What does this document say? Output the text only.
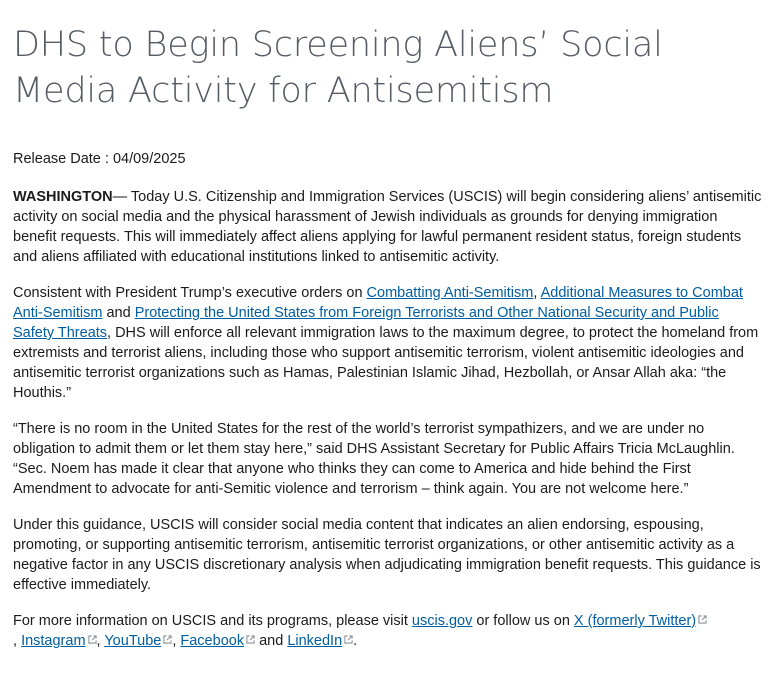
DHS to Begin Screening Aliens’ Social Media Activity for Antisemitism
Release Date : 04/09/2025

WASHINGTON— Today U.S. Citizenship and Immigration Services (USCIS) will begin considering aliens’ antisemitic activity on social media and the physical harassment of Jewish individuals as grounds for denying immigration benefit requests. This will immediately affect aliens applying for lawful permanent resident status, foreign students and aliens affiliated with educational institutions linked to antisemitic activity.

Consistent with President Trump’s executive orders on Combatting Anti-Semitism, Additional Measures to Combat Anti-Semitism and Protecting the United States from Foreign Terrorists and Other National Security and Public Safety Threats, DHS will enforce all relevant immigration laws to the maximum degree, to protect the homeland from extremists and terrorist aliens, including those who support antisemitic terrorism, violent antisemitic ideologies and antisemitic terrorist organizations such as Hamas, Palestinian Islamic Jihad, Hezbollah, or Ansar Allah aka: “the Houthis.”

“There is no room in the United States for the rest of the world’s terrorist sympathizers, and we are under no obligation to admit them or let them stay here,” said DHS Assistant Secretary for Public Affairs Tricia McLaughlin. “Sec. Noem has made it clear that anyone who thinks they can come to America and hide behind the First Amendment to advocate for anti-Semitic violence and terrorism – think again. You are not welcome here.”

Under this guidance, USCIS will consider social media content that indicates an alien endorsing, espousing, promoting, or supporting antisemitic terrorism, antisemitic terrorist organizations, or other antisemitic activity as a negative factor in any USCIS discretionary analysis when adjudicating immigration benefit requests. This guidance is effective immediately.

For more information on USCIS and its programs, please visit uscis.gov or follow us on X (formerly Twitter)

, Instagram , YouTube , Facebook
and LinkedIn .
